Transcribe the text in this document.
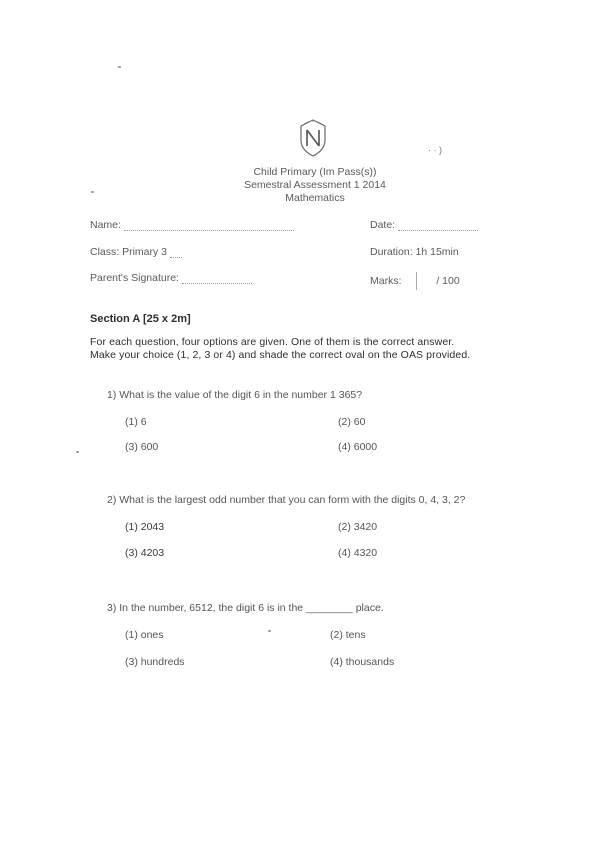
· · )
Child Primary (Im Pass(s))
Semestral Assessment 1 2014
Mathematics
Name:	Date:
Class: Primary 3	Duration: 1h 15min
Parent's Signature:	Marks:	/ 100
Section A [25 x 2m]
For each question, four options are given. One of them is the correct answer.
Make your choice (1, 2, 3 or 4) and shade the correct oval on the OAS provided.
1) What is the value of the digit 6 in the number 1 365?
(1) 6	(2) 60
(3) 600	(4) 6000
2) What is the largest odd number that you can form with the digits 0, 4, 3, 2?
(1) 2043	(2) 3420
(3) 4203	(4) 4320
3) In the number, 6512, the digit 6 is in the ________ place.
(1) ones	(2) tens
(3) hundreds	(4) thousands
